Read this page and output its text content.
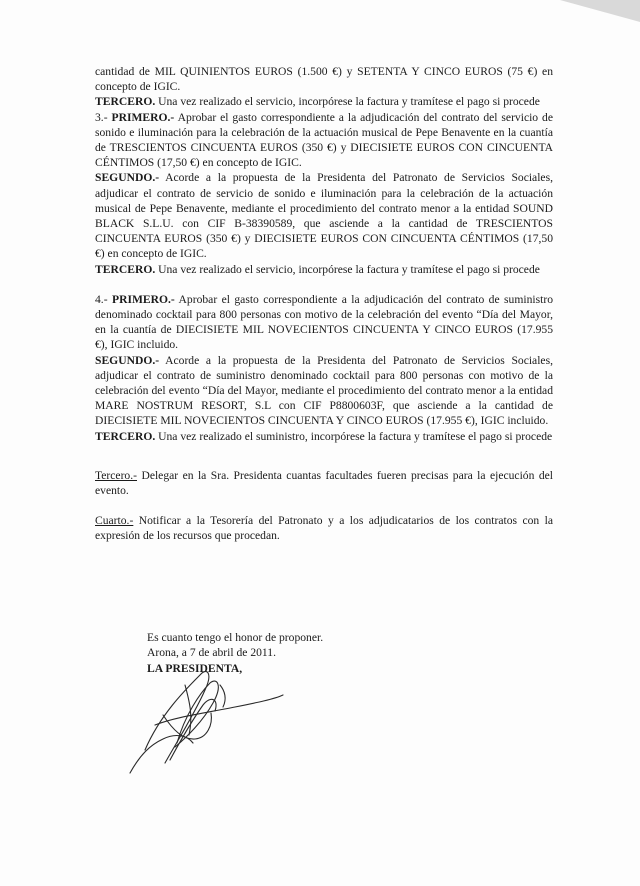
cantidad de MIL QUINIENTOS EUROS (1.500 €) y SETENTA Y CINCO EUROS (75 €) en concepto de IGIC.

TERCERO. Una vez realizado el servicio, incorpórese la factura y tramítese el pago si procede

3.- PRIMERO.- Aprobar el gasto correspondiente a la adjudicación del contrato del servicio de sonido e iluminación para la celebración de la actuación musical de Pepe Benavente en la cuantía de TRESCIENTOS CINCUENTA EUROS (350 €) y DIECISIETE EUROS CON CINCUENTA CÉNTIMOS (17,50 €) en concepto de IGIC.

SEGUNDO.- Acorde a la propuesta de la Presidenta del Patronato de Servicios Sociales, adjudicar el contrato de servicio de sonido e iluminación para la celebración de la actuación musical de Pepe Benavente, mediante el procedimiento del contrato menor a la entidad SOUND BLACK S.L.U. con CIF B-38390589, que asciende a la cantidad de TRESCIENTOS CINCUENTA EUROS (350 €) y DIECISIETE EUROS CON CINCUENTA CÉNTIMOS (17,50 €) en concepto de IGIC.

TERCERO. Una vez realizado el servicio, incorpórese la factura y tramítese el pago si procede

4.- PRIMERO.- Aprobar el gasto correspondiente a la adjudicación del contrato de suministro denominado cocktail para 800 personas con motivo de la celebración del evento “Día del Mayor, en la cuantía de DIECISIETE MIL NOVECIENTOS CINCUENTA Y CINCO EUROS (17.955 €), IGIC incluido.

SEGUNDO.- Acorde a la propuesta de la Presidenta del Patronato de Servicios Sociales, adjudicar el contrato de suministro denominado cocktail para 800 personas con motivo de la celebración del evento “Día del Mayor, mediante el procedimiento del contrato menor a la entidad MARE NOSTRUM RESORT, S.L con CIF P8800603F, que asciende a la cantidad de DIECISIETE MIL NOVECIENTOS CINCUENTA Y CINCO EUROS (17.955 €), IGIC incluido.

TERCERO. Una vez realizado el suministro, incorpórese la factura y tramítese el pago si procede

Tercero.- Delegar en la Sra. Presidenta cuantas facultades fueren precisas para la ejecución del evento.

Cuarto.- Notificar a la Tesorería del Patronato y a los adjudicatarios de los contratos con la expresión de los recursos que procedan.

Es cuanto tengo el honor de proponer.
Arona, a 7 de abril de 2011.
LA PRESIDENTA,
